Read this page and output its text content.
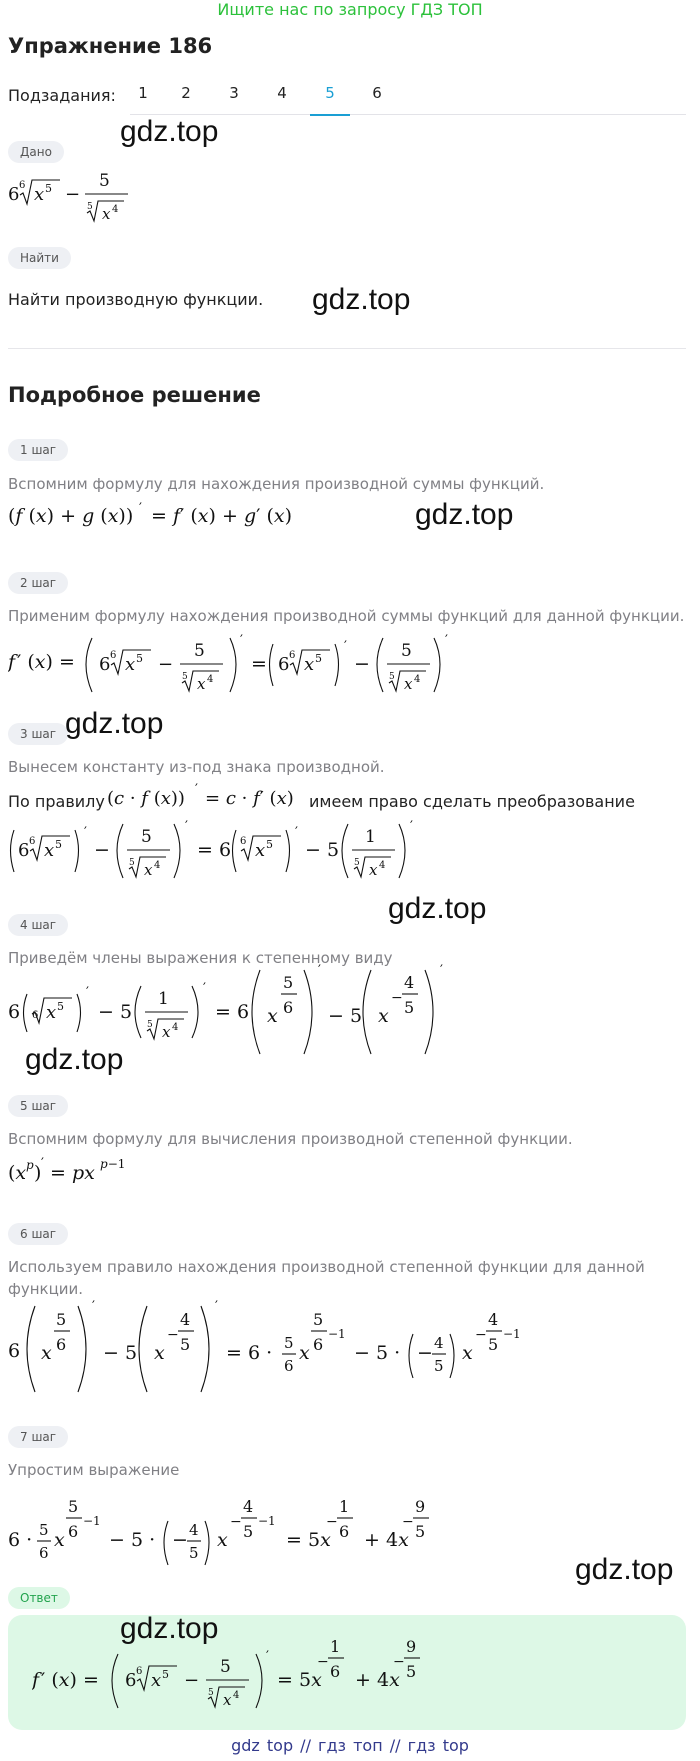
Ищите нас по запросу ГДЗ ТОП
Упражнение 186
Подзадания:	1	2	3	4	5	6
Дано
6 6 x 5 −
5
5 x 4
Найти
Найти производную функции.
Подробное решение
1 шаг
Вспомним формулу для нахождения производной суммы функций.
(f (x) + g (x)) ′ = f′ (x) + g′ (x)
2 шаг
Применим формулу нахождения производной суммы функций для данной функции.
f ′ (x) = 6 6 x 5 −
5
5 x 4
′
= 6 6 x 5
′
−
5
5 x 4
′
3 шаг
Вынесем константу из-под знака производной.
По правилу (c · f (x)) ′ = c · f′ (x) имеем право сделать преобразование
6 6 x 5
′
−
5
5 x 4
′
= 6 6 x 5
′
− 5
1
5 x 4
′
4 шаг
Приведём члены выражения к степенному виду
6 6 x 5
′
− 5
1
5 x 4
′
= 6 x
5
6
′
− 5 x
−
4
5
′
5 шаг
Вспомним формулу для вычисления производной степенной функции.
(x p ) ′ = px p−1
6 шаг
Используем правило нахождения производной степенной функции для данной
функции.
6 x
5
6
′
− 5 x
−
4
5
′
= 6 · 5
6
x
5
6
−1
− 5 · − 4
5
x
−
4
5
−1
7 шаг
Упростим выражение
6 · 5
6
x
5
6
−1
− 5 · − 4
5
x
−
4
5
−1
= 5x
−
1
6 + 4x
−
9
5
Ответ
f ′ (x) = 6 6 x 5 −
5
5 x 4
′
= 5x
−
1
6 + 4x
−
9
5
gdz.top
gdz.top
gdz.top
gdz.top
gdz.top
gdz.top
gdz.top
gdz.top
gdz top // гдз топ // гдз top
